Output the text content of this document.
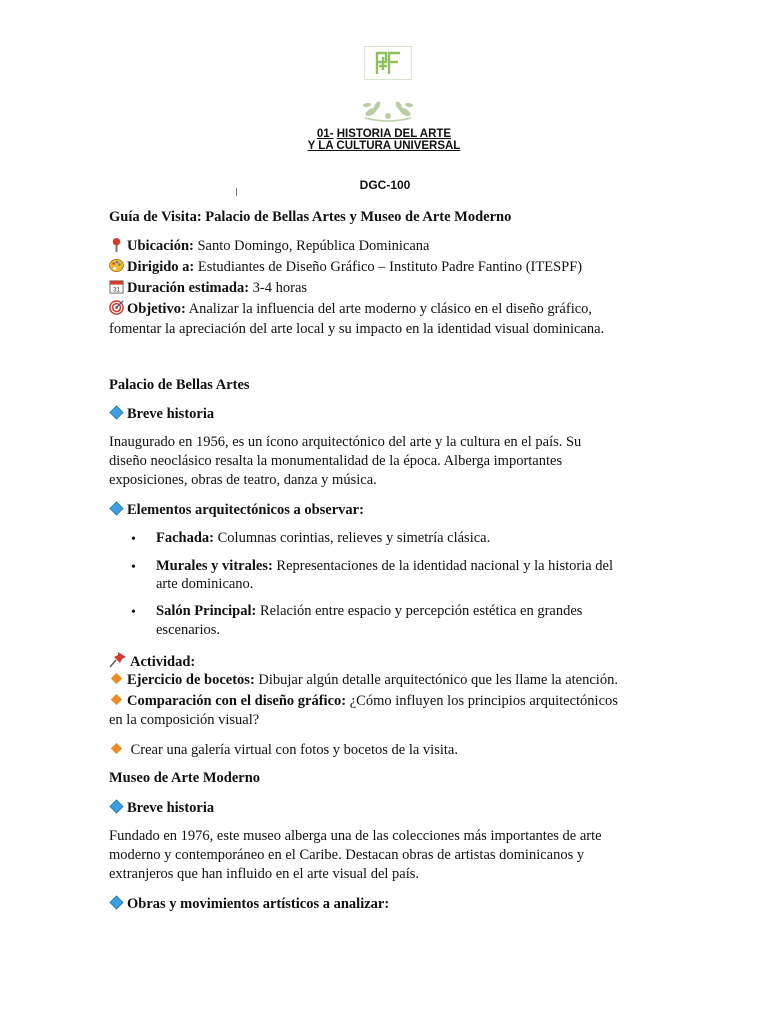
01- HISTORIA DEL ARTE
Y LA CULTURA UNIVERSAL
DGC-100
Guía de Visita: Palacio de Bellas Artes y Museo de Arte Moderno
Ubicación: Santo Domingo, República Dominicana
Dirigido a: Estudiantes de Diseño Gráfico – Instituto Padre Fantino (ITESPF)
31 Duración estimada: 3-4 horas
Objetivo: Analizar la influencia del arte moderno y clásico en el diseño gráfico,
fomentar la apreciación del arte local y su impacto en la identidad visual dominicana.
Palacio de Bellas Artes
Breve historia
Inaugurado en 1956, es un ícono arquitectónico del arte y la cultura en el país. Su
diseño neoclásico resalta la monumentalidad de la época. Alberga importantes
exposiciones, obras de teatro, danza y música.
Elementos arquitectónicos a observar:
• Fachada: Columnas corintias, relieves y simetría clásica.
• Murales y vitrales: Representaciones de la identidad nacional y la historia del
arte dominicano.
• Salón Principal: Relación entre espacio y percepción estética en grandes
escenarios.
Actividad:
Ejercicio de bocetos: Dibujar algún detalle arquitectónico que les llame la atención.
Comparación con el diseño gráfico: ¿Cómo influyen los principios arquitectónicos
en la composición visual?
Crear una galería virtual con fotos y bocetos de la visita.
Museo de Arte Moderno
Breve historia
Fundado en 1976, este museo alberga una de las colecciones más importantes de arte
moderno y contemporáneo en el Caribe. Destacan obras de artistas dominicanos y
extranjeros que han influido en el arte visual del país.
Obras y movimientos artísticos a analizar:
